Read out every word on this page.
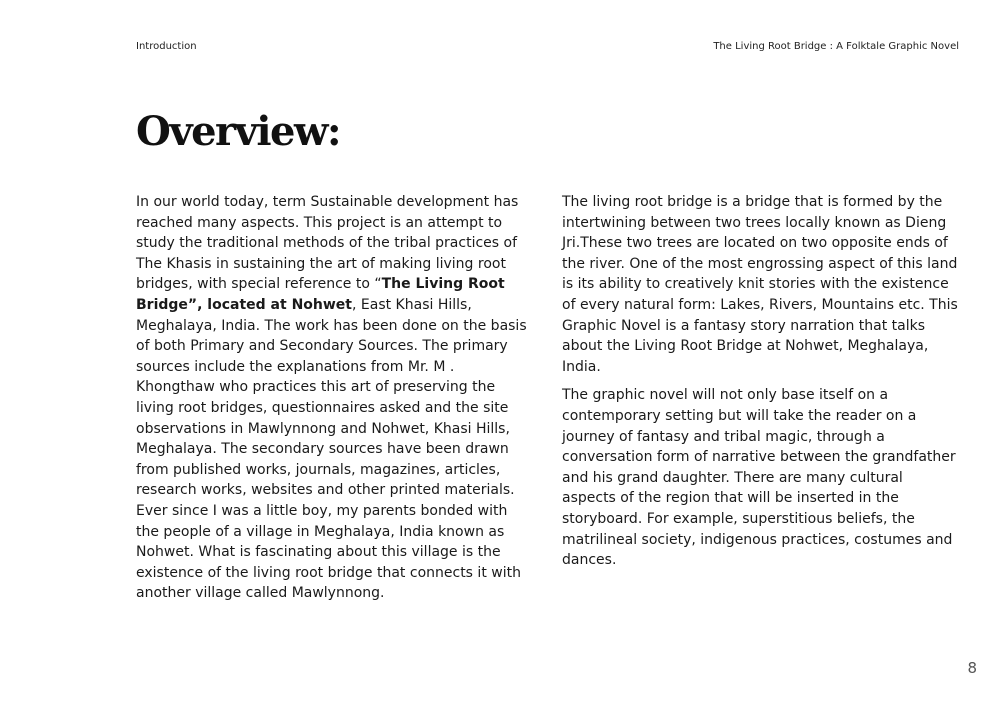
Introduction	The Living Root Bridge : A Folktale Graphic Novel
Overview:

In our world today, term Sustainable development has reached many aspects. This project is an attempt to study the traditional methods of the tribal practices of The Khasis in sustaining the art of making living root bridges, with special reference to “The Living Root Bridge”, located at Nohwet, East Khasi Hills, Meghalaya, India. The work has been done on the basis of both Primary and Secondary Sources. The primary sources include the explanations from Mr. M . Khongthaw who practices this art of preserving the living root bridges, questionnaires asked and the site observations in Mawlynnong and Nohwet, Khasi Hills, Meghalaya. The secondary sources have been drawn from published works, journals, magazines, articles, research works, websites and other printed materials. Ever since I was a little boy, my parents bonded with the people of a village in Meghalaya, India known as Nohwet. What is fascinating about this village is the existence of the living root bridge that connects it with another village called Mawlynnong.

The living root bridge is a bridge that is formed by the intertwining between two trees locally known as Dieng Jri.These two trees are located on two opposite ends of the river. One of the most engrossing aspect of this land is its ability to creatively knit stories with the existence of every natural form: Lakes, Rivers, Mountains etc. This Graphic Novel is a fantasy story narration that talks about the Living Root Bridge at Nohwet, Meghalaya, India.

The graphic novel will not only base itself on a contemporary setting but will take the reader on a journey of fantasy and tribal magic, through a conversation form of narrative between the grandfather and his grand daughter. There are many cultural aspects of the region that will be inserted in the storyboard. For example, superstitious beliefs, the matrilineal society, indigenous practices, costumes and dances.

8
